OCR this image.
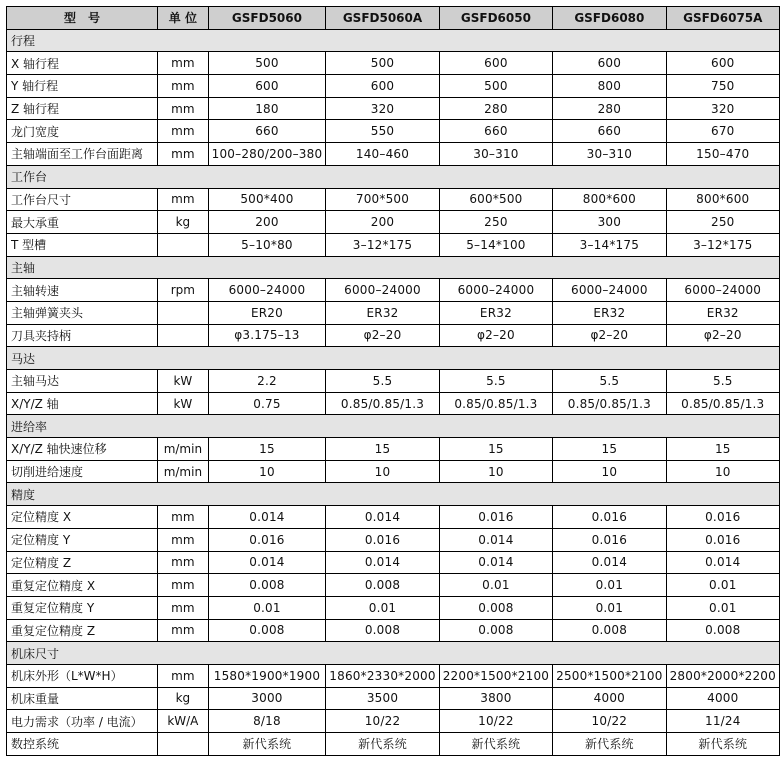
型　号	单 位	GSFD5060	GSFD5060A	GSFD6050	GSFD6080	GSFD6075A
行程						
X 轴行程	mm	500	500	600	600	600
Y 轴行程	mm	600	600	500	800	750
Z 轴行程	mm	180	320	280	280	320
龙门宽度	mm	660	550	660	660	670
主轴端面至工作台面距离	mm	100–280/200–380	140–460	30–310	30–310	150–470
工作台						
工作台尺寸	mm	500*400	700*500	600*500	800*600	800*600
最大承重	kg	200	200	250	300	250
T 型槽		5–10*80	3–12*175	5–14*100	3–14*175	3–12*175
主轴						
主轴转速	rpm	6000–24000	6000–24000	6000–24000	6000–24000	6000–24000
主轴弹簧夹头		ER20	ER32	ER32	ER32	ER32
刀具夹持柄		φ3.175–13	φ2–20	φ2–20	φ2–20	φ2–20
马达						
主轴马达	kW	2.2	5.5	5.5	5.5	5.5
X/Y/Z 轴	kW	0.75	0.85/0.85/1.3	0.85/0.85/1.3	0.85/0.85/1.3	0.85/0.85/1.3
进给率						
X/Y/Z 轴快速位移	m/min	15	15	15	15	15
切削进给速度	m/min	10	10	10	10	10
精度						
定位精度 X	mm	0.014	0.014	0.016	0.016	0.016
定位精度 Y	mm	0.016	0.016	0.014	0.016	0.016
定位精度 Z	mm	0.014	0.014	0.014	0.014	0.014
重复定位精度 X	mm	0.008	0.008	0.01	0.01	0.01
重复定位精度 Y	mm	0.01	0.01	0.008	0.01	0.01
重复定位精度 Z	mm	0.008	0.008	0.008	0.008	0.008
机床尺寸						
机床外形（L*W*H）	mm	1580*1900*1900	1860*2330*2000	2200*1500*2100	2500*1500*2100	2800*2000*2200
机床重量	kg	3000	3500	3800	4000	4000
电力需求（功率 / 电流）	kW/A	8/18	10/22	10/22	10/22	11/24
数控系统		新代系统	新代系统	新代系统	新代系统	新代系统
